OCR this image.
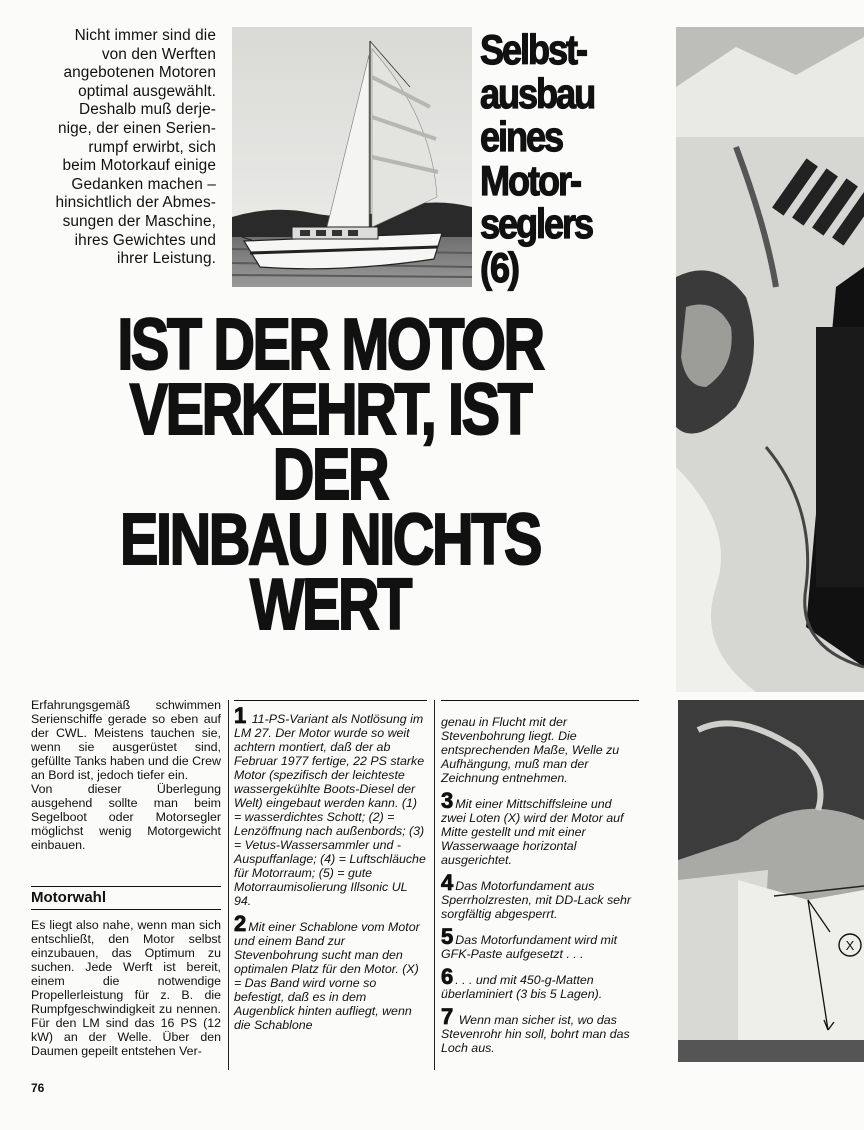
Nicht immer sind die
von den Werften
angebotenen Motoren
optimal ausgewählt.
Deshalb muß derje-
nige, der einen Serien-
rumpf erwirbt, sich
beim Motorkauf einige
Gedanken machen –
hinsichtlich der Abmes-
sungen der Maschine,
ihres Gewichtes und
ihrer Leistung.
Selbst-
ausbau
eines
Motor-
seglers
(6)
IST DER MOTOR
VERKEHRT, IST DER
EINBAU NICHTS
WERT
X
Erfahrungsgemäß schwimmen Serienschiffe gerade so eben auf der CWL. Meistens tauchen sie, wenn sie ausgerüstet sind, gefüllte Tanks haben und die Crew an Bord ist, jedoch tiefer ein.
Von dieser Überlegung ausgehend sollte man beim Segelboot oder Motorsegler möglichst wenig Motorgewicht einbauen.
Motorwahl
Es liegt also nahe, wenn man sich entschließt, den Motor selbst einzubauen, das Optimum zu suchen. Jede Werft ist bereit, einem die notwendige Propellerleistung für z. B. die Rumpfgeschwindigkeit zu nennen. Für den LM sind das 16 PS (12 kW) an der Welle. Über den Daumen gepeilt entstehen Ver-

1 11-PS-Variant als Notlösung im LM 27. Der Motor wurde so weit achtern montiert, daß der ab Februar 1977 fertige, 22 PS starke Motor (spezifisch der leichteste wassergekühlte Boots-Diesel der Welt) eingebaut werden kann. (1) = wasserdichtes Schott; (2) = Lenzöffnung nach außenbords; (3) = Vetus-Wassersammler und -Auspuffanlage; (4) = Luftschläuche für Motorraum; (5) = gute Motorraumisolierung Illsonic UL 94.

2 Mit einer Schablone vom Motor und einem Band zur Stevenbohrung sucht man den optimalen Platz für den Motor. (X) = Das Band wird vorne so befestigt, daß es in dem Augenblick hinten aufliegt, wenn die Schablone

genau in Flucht mit der Stevenbohrung liegt. Die entsprechenden Maße, Welle zu Aufhängung, muß man der Zeichnung entnehmen.

3 Mit einer Mittschiffsleine und zwei Loten (X) wird der Motor auf Mitte gestellt und mit einer Wasserwaage horizontal ausgerichtet.

4 Das Motorfundament aus Sperrholzresten, mit DD-Lack sehr sorgfältig abgesperrt.

5 Das Motorfundament wird mit GFK-Paste aufgesetzt . . .

6 . . . und mit 450-g-Matten überlaminiert (3 bis 5 Lagen).

7 Wenn man sicher ist, wo das Stevenrohr hin soll, bohrt man das Loch aus.

76
